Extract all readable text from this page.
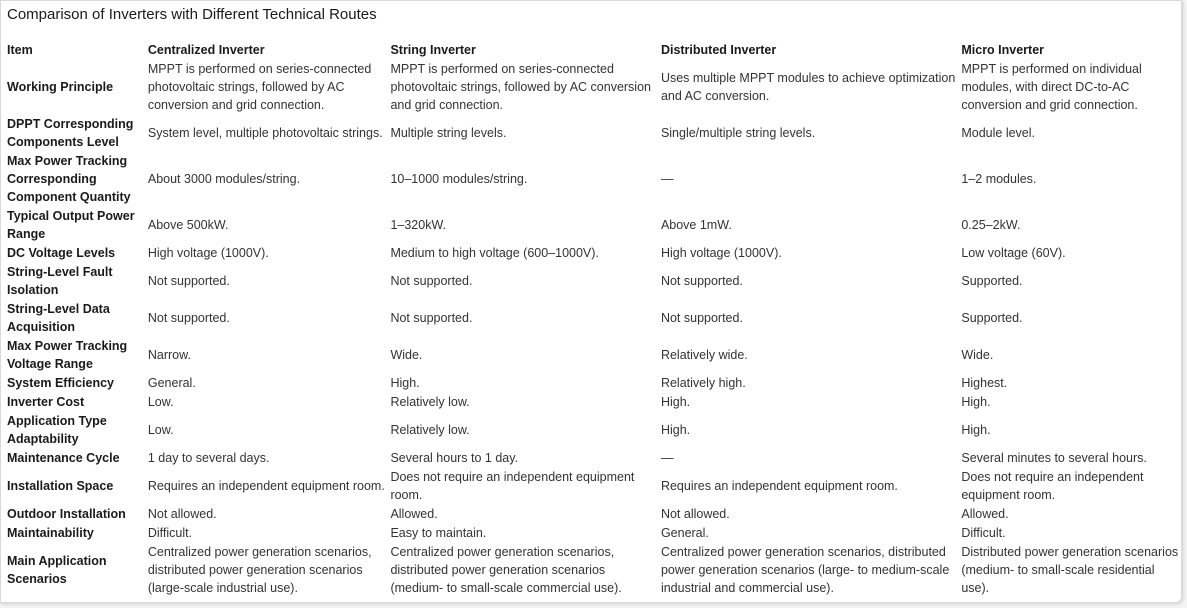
Comparison of Inverters with Different Technical Routes
Item	Centralized Inverter	String Inverter	Distributed Inverter	Micro Inverter
Working Principle	MPPT is performed on series-connected photovoltaic strings, followed by AC conversion and grid connection.	MPPT is performed on series-connected photovoltaic strings, followed by AC conversion and grid connection.	Uses multiple MPPT modules to achieve optimization and AC conversion.	MPPT is performed on individual modules, with direct DC-to-AC conversion and grid connection.
DPPT Corresponding Components Level	System level, multiple photovoltaic strings.	Multiple string levels.	Single/multiple string levels.	Module level.
Max Power Tracking Corresponding Component Quantity	About 3000 modules/string.	10–1000 modules/string.	—	1–2 modules.
Typical Output Power Range	Above 500kW.	1–320kW.	Above 1mW.	0.25–2kW.
DC Voltage Levels	High voltage (1000V).	Medium to high voltage (600–1000V).	High voltage (1000V).	Low voltage (60V).
String-Level Fault Isolation	Not supported.	Not supported.	Not supported.	Supported.
String-Level Data Acquisition	Not supported.	Not supported.	Not supported.	Supported.
Max Power Tracking Voltage Range	Narrow.	Wide.	Relatively wide.	Wide.
System Efficiency	General.	High.	Relatively high.	Highest.
Inverter Cost	Low.	Relatively low.	High.	High.
Application Type Adaptability	Low.	Relatively low.	High.	High.
Maintenance Cycle	1 day to several days.	Several hours to 1 day.	—	Several minutes to several hours.
Installation Space	Requires an independent equipment room.	Does not require an independent equipment room.	Requires an independent equipment room.	Does not require an independent equipment room.
Outdoor Installation	Not allowed.	Allowed.	Not allowed.	Allowed.
Maintainability	Difficult.	Easy to maintain.	General.	Difficult.
Main Application Scenarios	Centralized power generation scenarios, distributed power generation scenarios (large-scale industrial use).	Centralized power generation scenarios, distributed power generation scenarios (medium- to small-scale commercial use).	Centralized power generation scenarios, distributed power generation scenarios (large- to medium-scale industrial and commercial use).	Distributed power generation scenarios (medium- to small-scale residential use).
